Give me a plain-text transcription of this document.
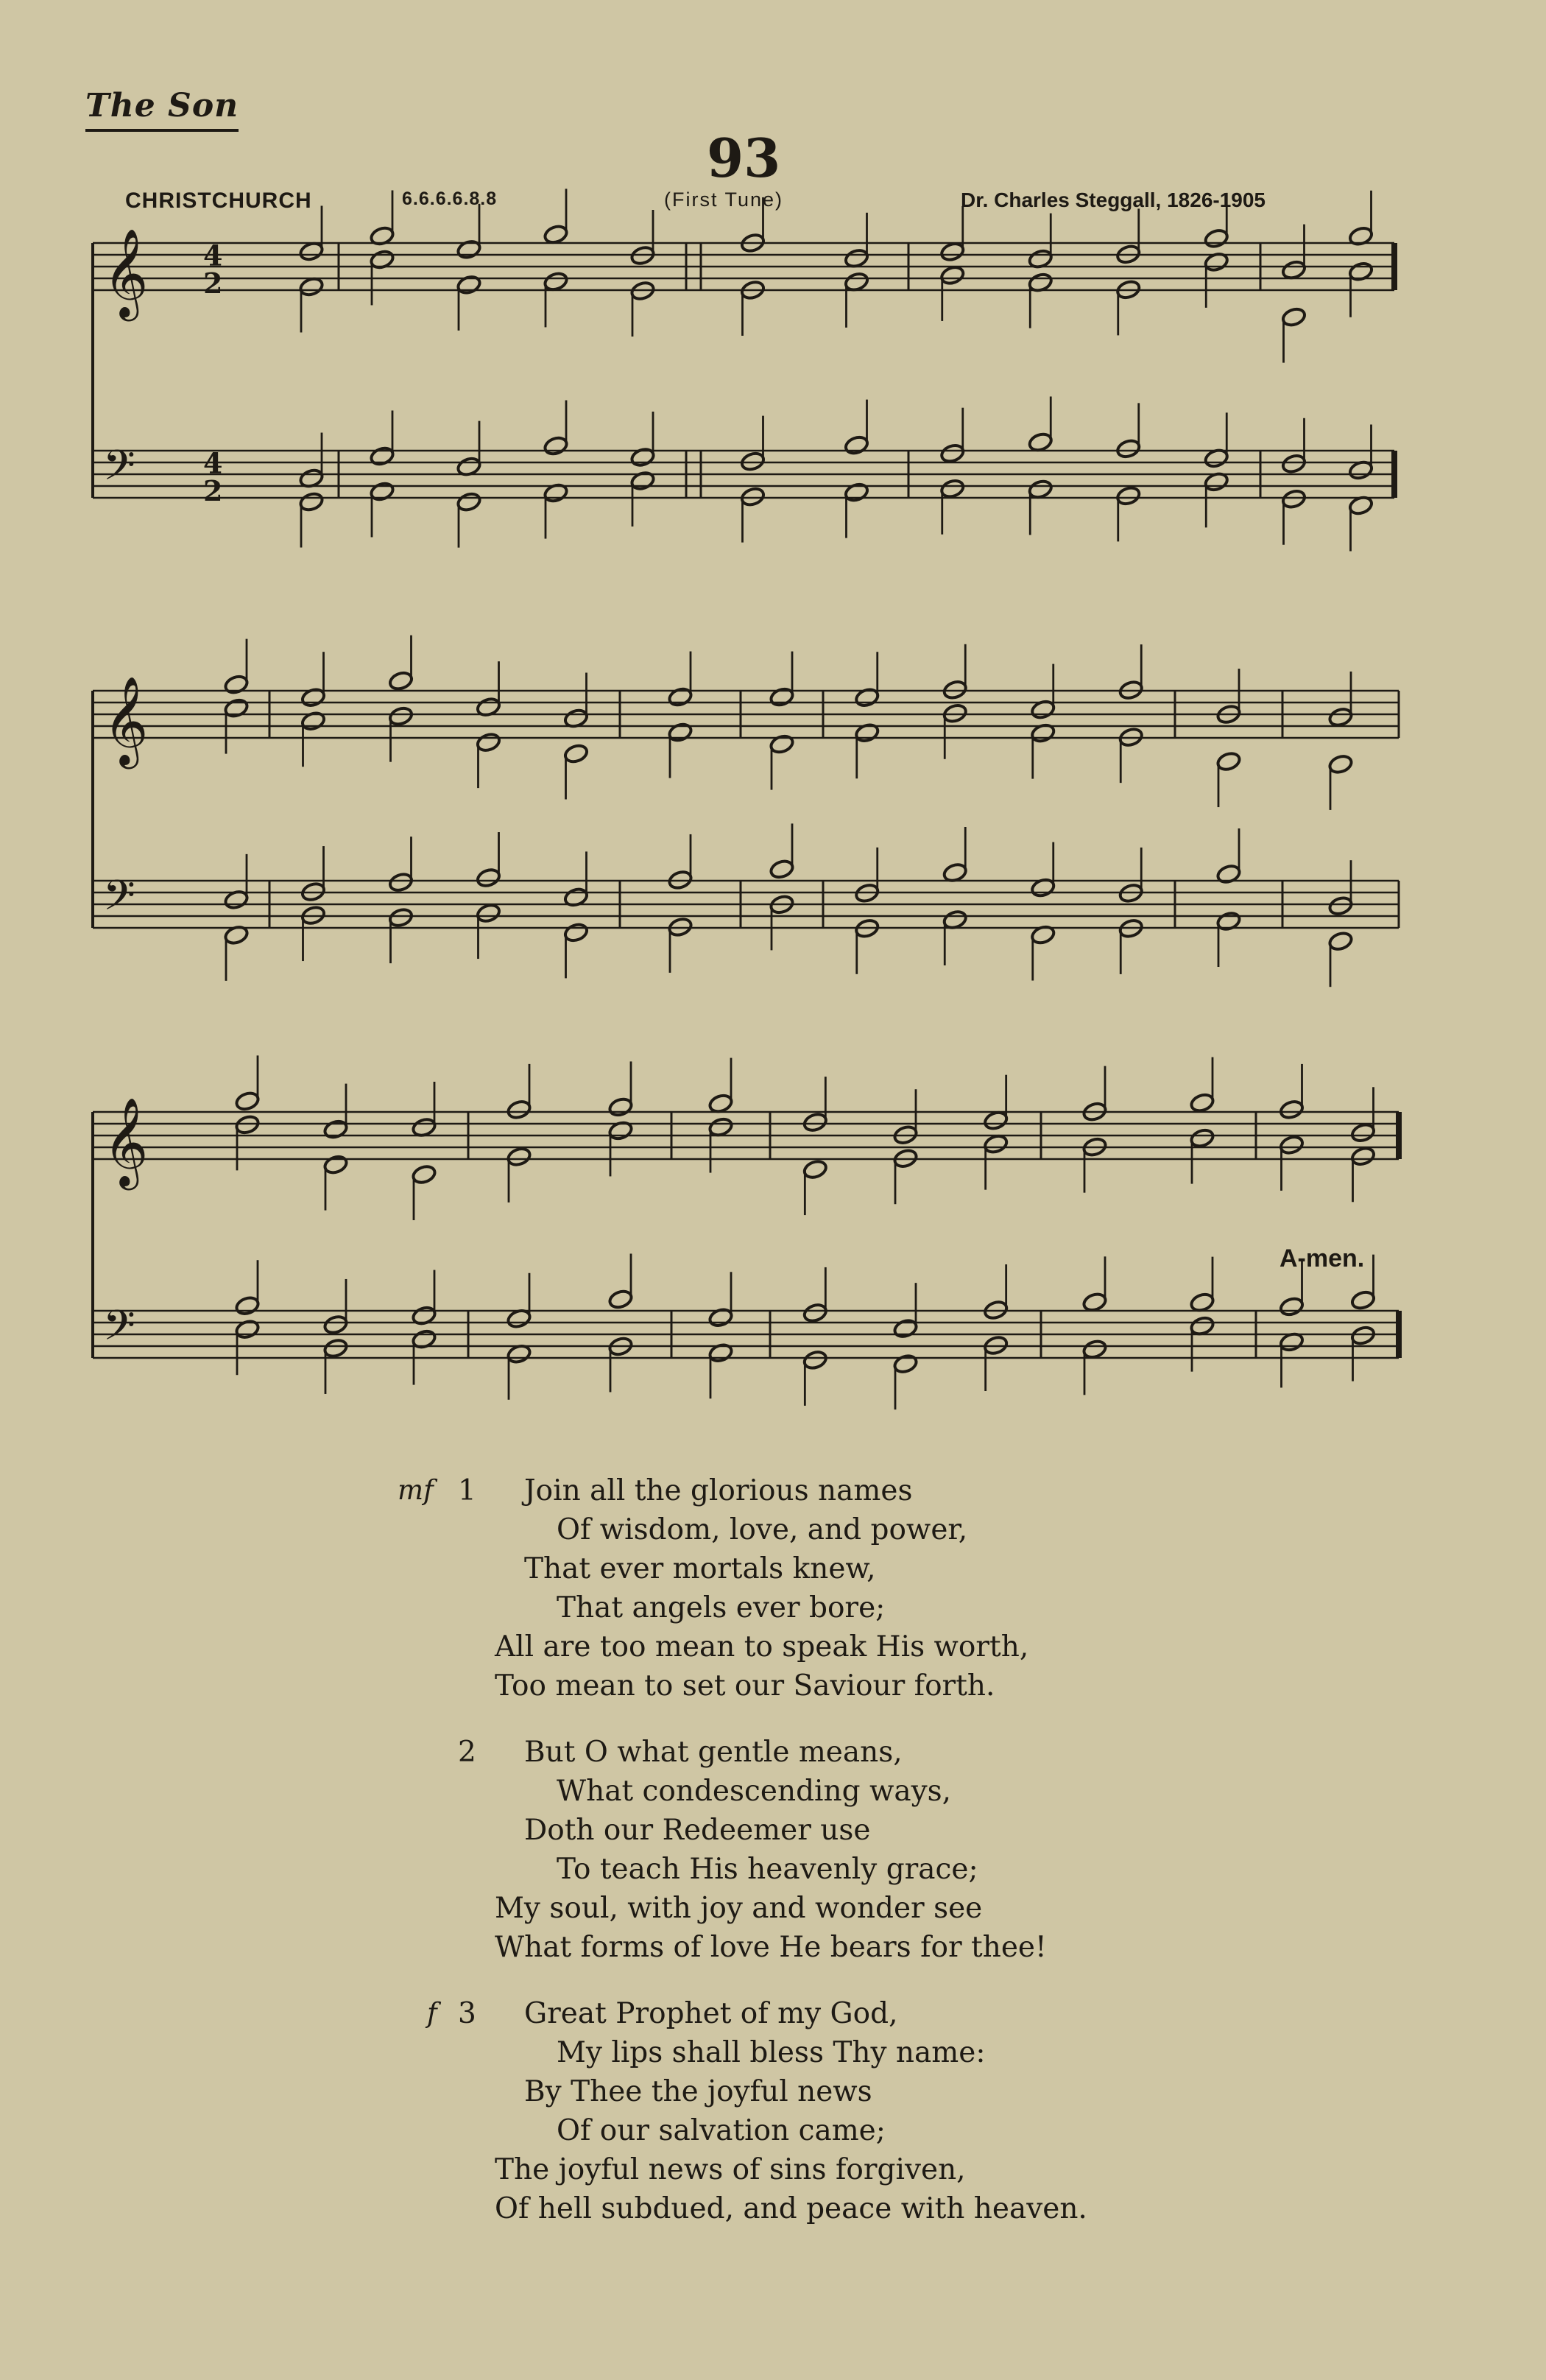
The Son
93
CHRISTCHURCH	6.6.6.6.8.8	(First Tune)	Dr. Charles Steggall, 1826-1905
𝄞 4
2
𝄢 4
2
𝄞
𝄢
𝄞
𝄢
A-men.
mf 1 Join all the glorious names
Of wisdom, love, and power,
That ever mortals knew,
That angels ever bore;
All are too mean to speak His worth,
Too mean to set our Saviour forth.
2 But O what gentle means,
What condescending ways,
Doth our Redeemer use
To teach His heavenly grace;
My soul, with joy and wonder see
What forms of love He bears for thee!
f 3 Great Prophet of my God,
My lips shall bless Thy name:
By Thee the joyful news
Of our salvation came;
The joyful news of sins forgiven,
Of hell subdued, and peace with heaven.
